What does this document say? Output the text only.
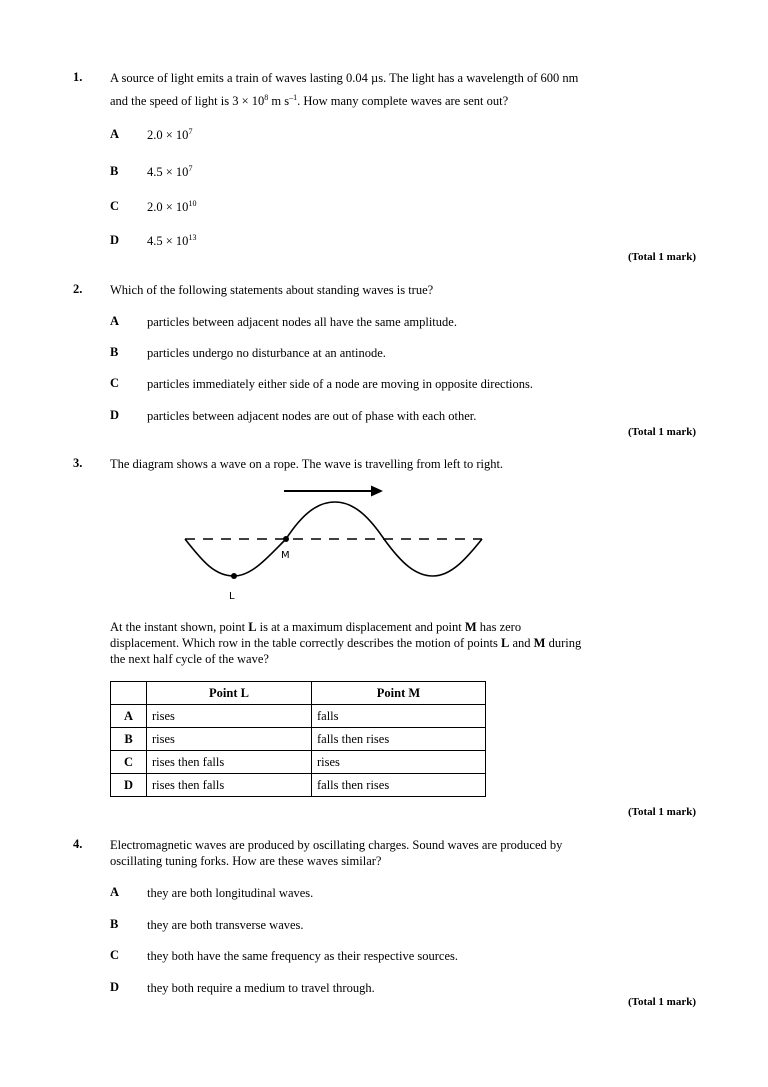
1. A source of light emits a train of waves lasting 0.04 µs. The light has a wavelength of 600 nm
and the speed of light is $3 \times 10^8$ m $s^{-1}$. How many complete waves are sent out?
A $2.0 \times 10^7$
B $4.5 \times 10^7$
C $2.0 \times 10^{10}$
D $4.5 \times 10^{13}$
(Total 1 mark)
2. Which of the following statements about standing waves is true?
A particles between adjacent nodes all have the same amplitude.
B particles undergo no disturbance at an antinode.
C particles immediately either side of a node are moving in opposite directions.
D particles between adjacent nodes are out of phase with each other.
(Total 1 mark)
3. The diagram shows a wave on a rope. The wave is travelling from left to right.
M
L
At the instant shown, point L is at a maximum displacement and point M has zero
displacement. Which row in the table correctly describes the motion of points L and M during
the next half cycle of the wave?
	Point L	Point M
A	rises	falls
B	rises	falls then rises
C	rises then falls	rises
D	rises then falls	falls then rises
(Total 1 mark)
4. Electromagnetic waves are produced by oscillating charges. Sound waves are produced by
oscillating tuning forks. How are these waves similar?
A they are both longitudinal waves.
B they are both transverse waves.
C they both have the same frequency as their respective sources.
D they both require a medium to travel through.
(Total 1 mark)
